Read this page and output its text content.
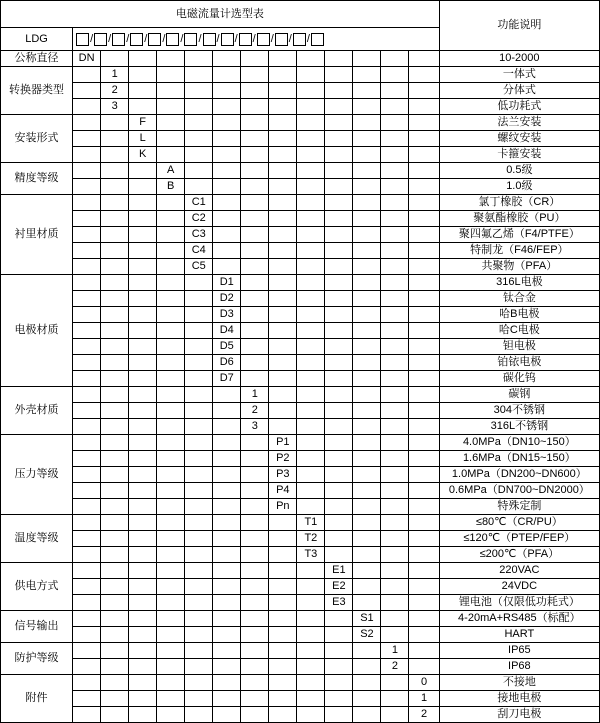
电磁流量计选型表														功能说明
LDG	/ / / / / / / / / / / / /

公称直径	DN													10-2000
转换器类型		1												一体式
		2												分体式
		3												低功耗式
安装形式			F											法兰安装
			L											螺纹安装
			K											卡箍安装
精度等级				A										0.5级
				B										1.0级
衬里材质					C1									氯丁橡胶（CR）
					C2									聚氨酯橡胶（PU）
					C3									聚四氟乙烯（F4/PTFE）
					C4									特制龙（F46/FEP）
					C5									共聚物（PFA）
电极材质						D1								316L电极
						D2								钛合金
						D3								哈B电极
						D4								哈C电极
						D5								钽电极
						D6								铂铱电极
						D7								碳化钨
外壳材质							1							碳钢
							2							304不锈钢
							3							316L不锈钢
压力等级								P1						4.0MPa（DN10~150）
								P2						1.6MPa（DN15~150）
								P3						1.0MPa（DN200~DN600）
								P4						0.6MPa（DN700~DN2000）
								Pn						特殊定制
温度等级									T1					≤80℃（CR/PU）
									T2					≤120℃（PTEP/FEP）
									T3					≤200℃（PFA）
供电方式										E1				220VAC
										E2				24VDC
										E3				锂电池（仅限低功耗式）
信号输出											S1			4-20mA+RS485（标配）
											S2			HART
防护等级												1		IP65
												2		IP68
附件													0	不接地
													1	接地电极
													2	刮刀电极
